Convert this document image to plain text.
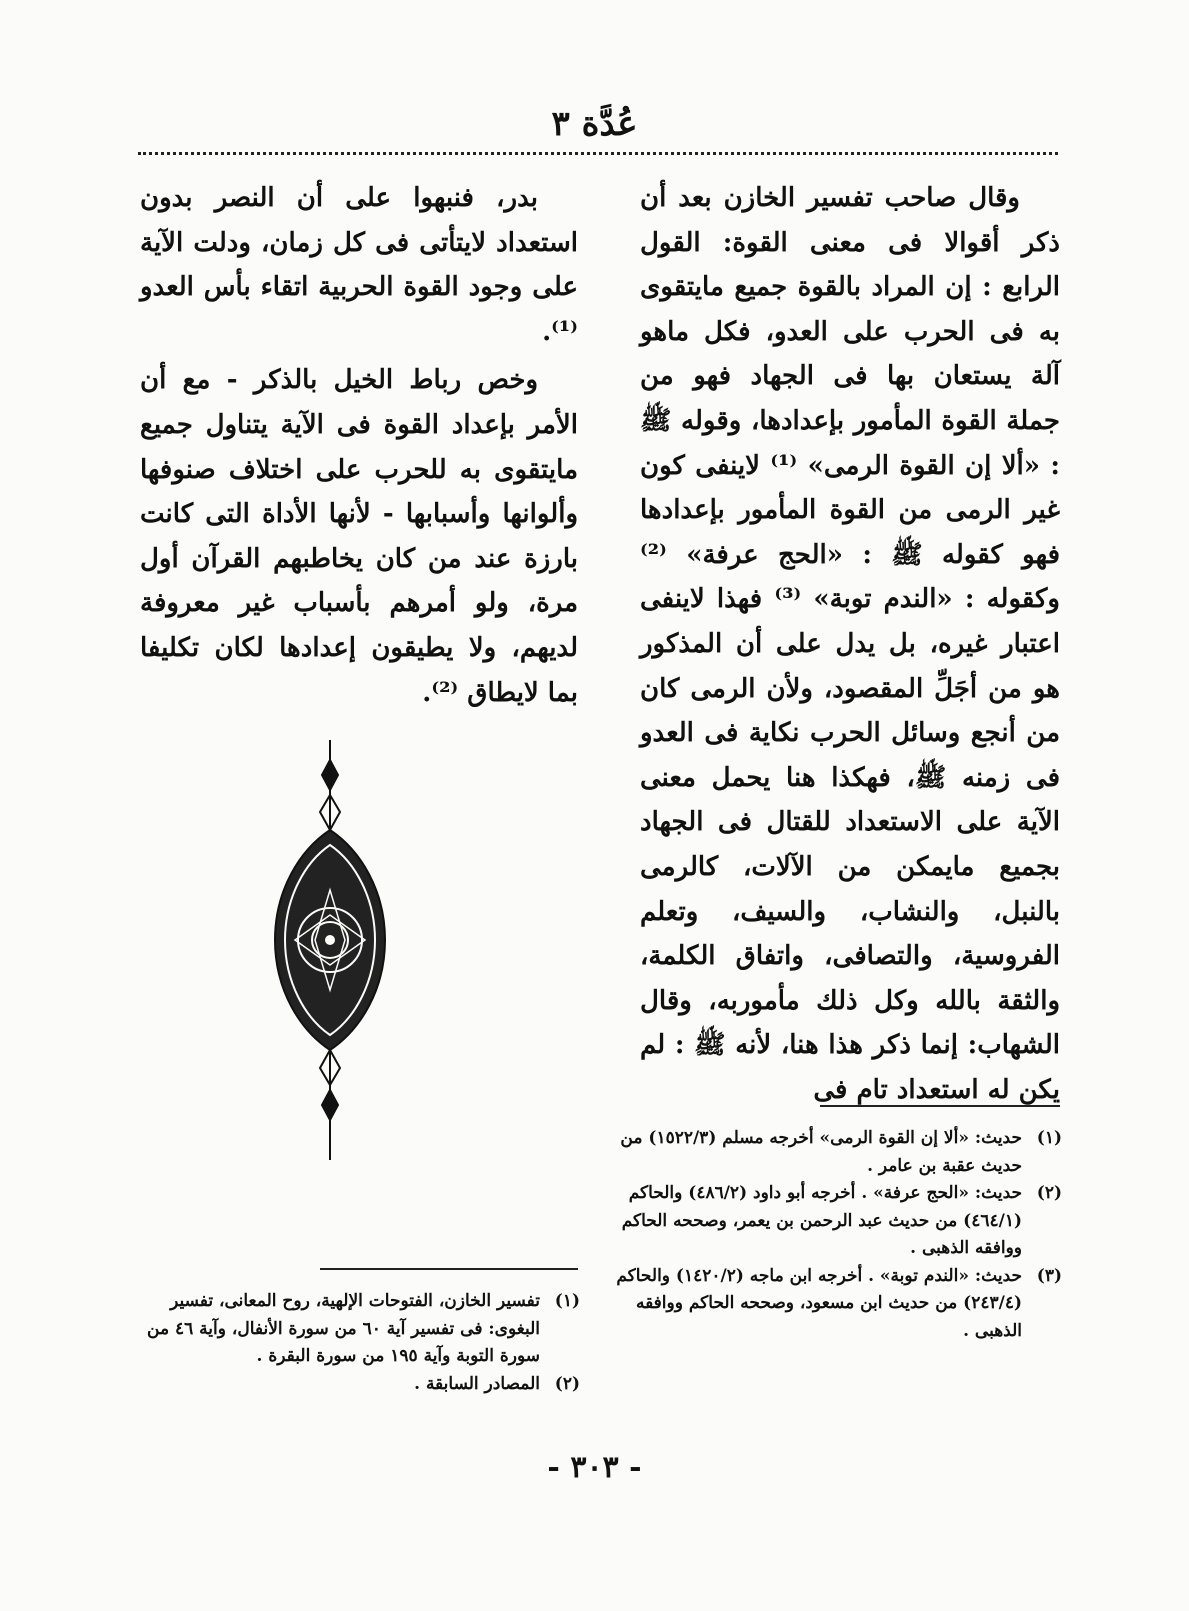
عُدَّة ٣

وقال صاحب تفسير الخازن بعد أن ذكر أقوالا فى معنى القوة: القول الرابع : إن المراد بالقوة جميع مايتقوى به فى الحرب على العدو، فكل ماهو آلة يستعان بها فى الجهاد فهو من جملة القوة المأمور بإعدادها، وقوله ﷺ : «ألا إن القوة الرمى» ⁽¹⁾ لاينفى كون غير الرمى من القوة المأمور بإعدادها فهو كقوله ﷺ : «الحج عرفة» ⁽²⁾ وكقوله : «الندم توبة» ⁽³⁾ فهذا لاينفى اعتبار غيره، بل يدل على أن المذكور هو من أجَلِّ المقصود، ولأن الرمى كان من أنجع وسائل الحرب نكاية فى العدو فى زمنه ﷺ، فهكذا هنا يحمل معنى الآية على الاستعداد للقتال فى الجهاد بجميع مايمكن من الآلات، كالرمى بالنبل، والنشاب، والسيف، وتعلم الفروسية، والتصافى، واتفاق الكلمة، والثقة بالله وكل ذلك مأموربه، وقال الشهاب: إنما ذكر هذا هنا، لأنه ﷺ : لم يكن له استعداد تام فى

بدر، فنبهوا على أن النصر بدون استعداد لايتأتى فى كل زمان، ودلت الآية على وجود القوة الحربية اتقاء بأس العدو ⁽¹⁾.

وخص رباط الخيل بالذكر - مع أن الأمر بإعداد القوة فى الآية يتناول جميع مايتقوى به للحرب على اختلاف صنوفها وألوانها وأسبابها - لأنها الأداة التى كانت بارزة عند من كان يخاطبهم القرآن أول مرة، ولو أمرهم بأسباب غير معروفة لديهم، ولا يطيقون إعدادها لكان تكليفا بما لايطاق ⁽²⁾.

(١)
حديث: «ألا إن القوة الرمى» أخرجه مسلم (١٥٢٢/٣) من حديث عقبة بن عامر .

(٢)
حديث: «الحج عرفة» . أخرجه أبو داود (٤٨٦/٢) والحاكم (٤٦٤/١) من حديث عبد الرحمن بن يعمر، وصححه الحاكم ووافقه الذهبى .

(٣)
حديث: «الندم توبة» . أخرجه ابن ماجه (١٤٢٠/٢) والحاكم (٢٤٣/٤) من حديث ابن مسعود، وصححه الحاكم ووافقه الذهبى .

(١)
تفسير الخازن، الفتوحات الإلهية، روح المعانى، تفسير البغوى: فى تفسير آية ٦٠ من سورة الأنفال، وآية ٤٦ من سورة التوبة وآية ١٩٥ من سورة البقرة .

(٢)
المصادر السابقة .

- ٣٠٣ -
